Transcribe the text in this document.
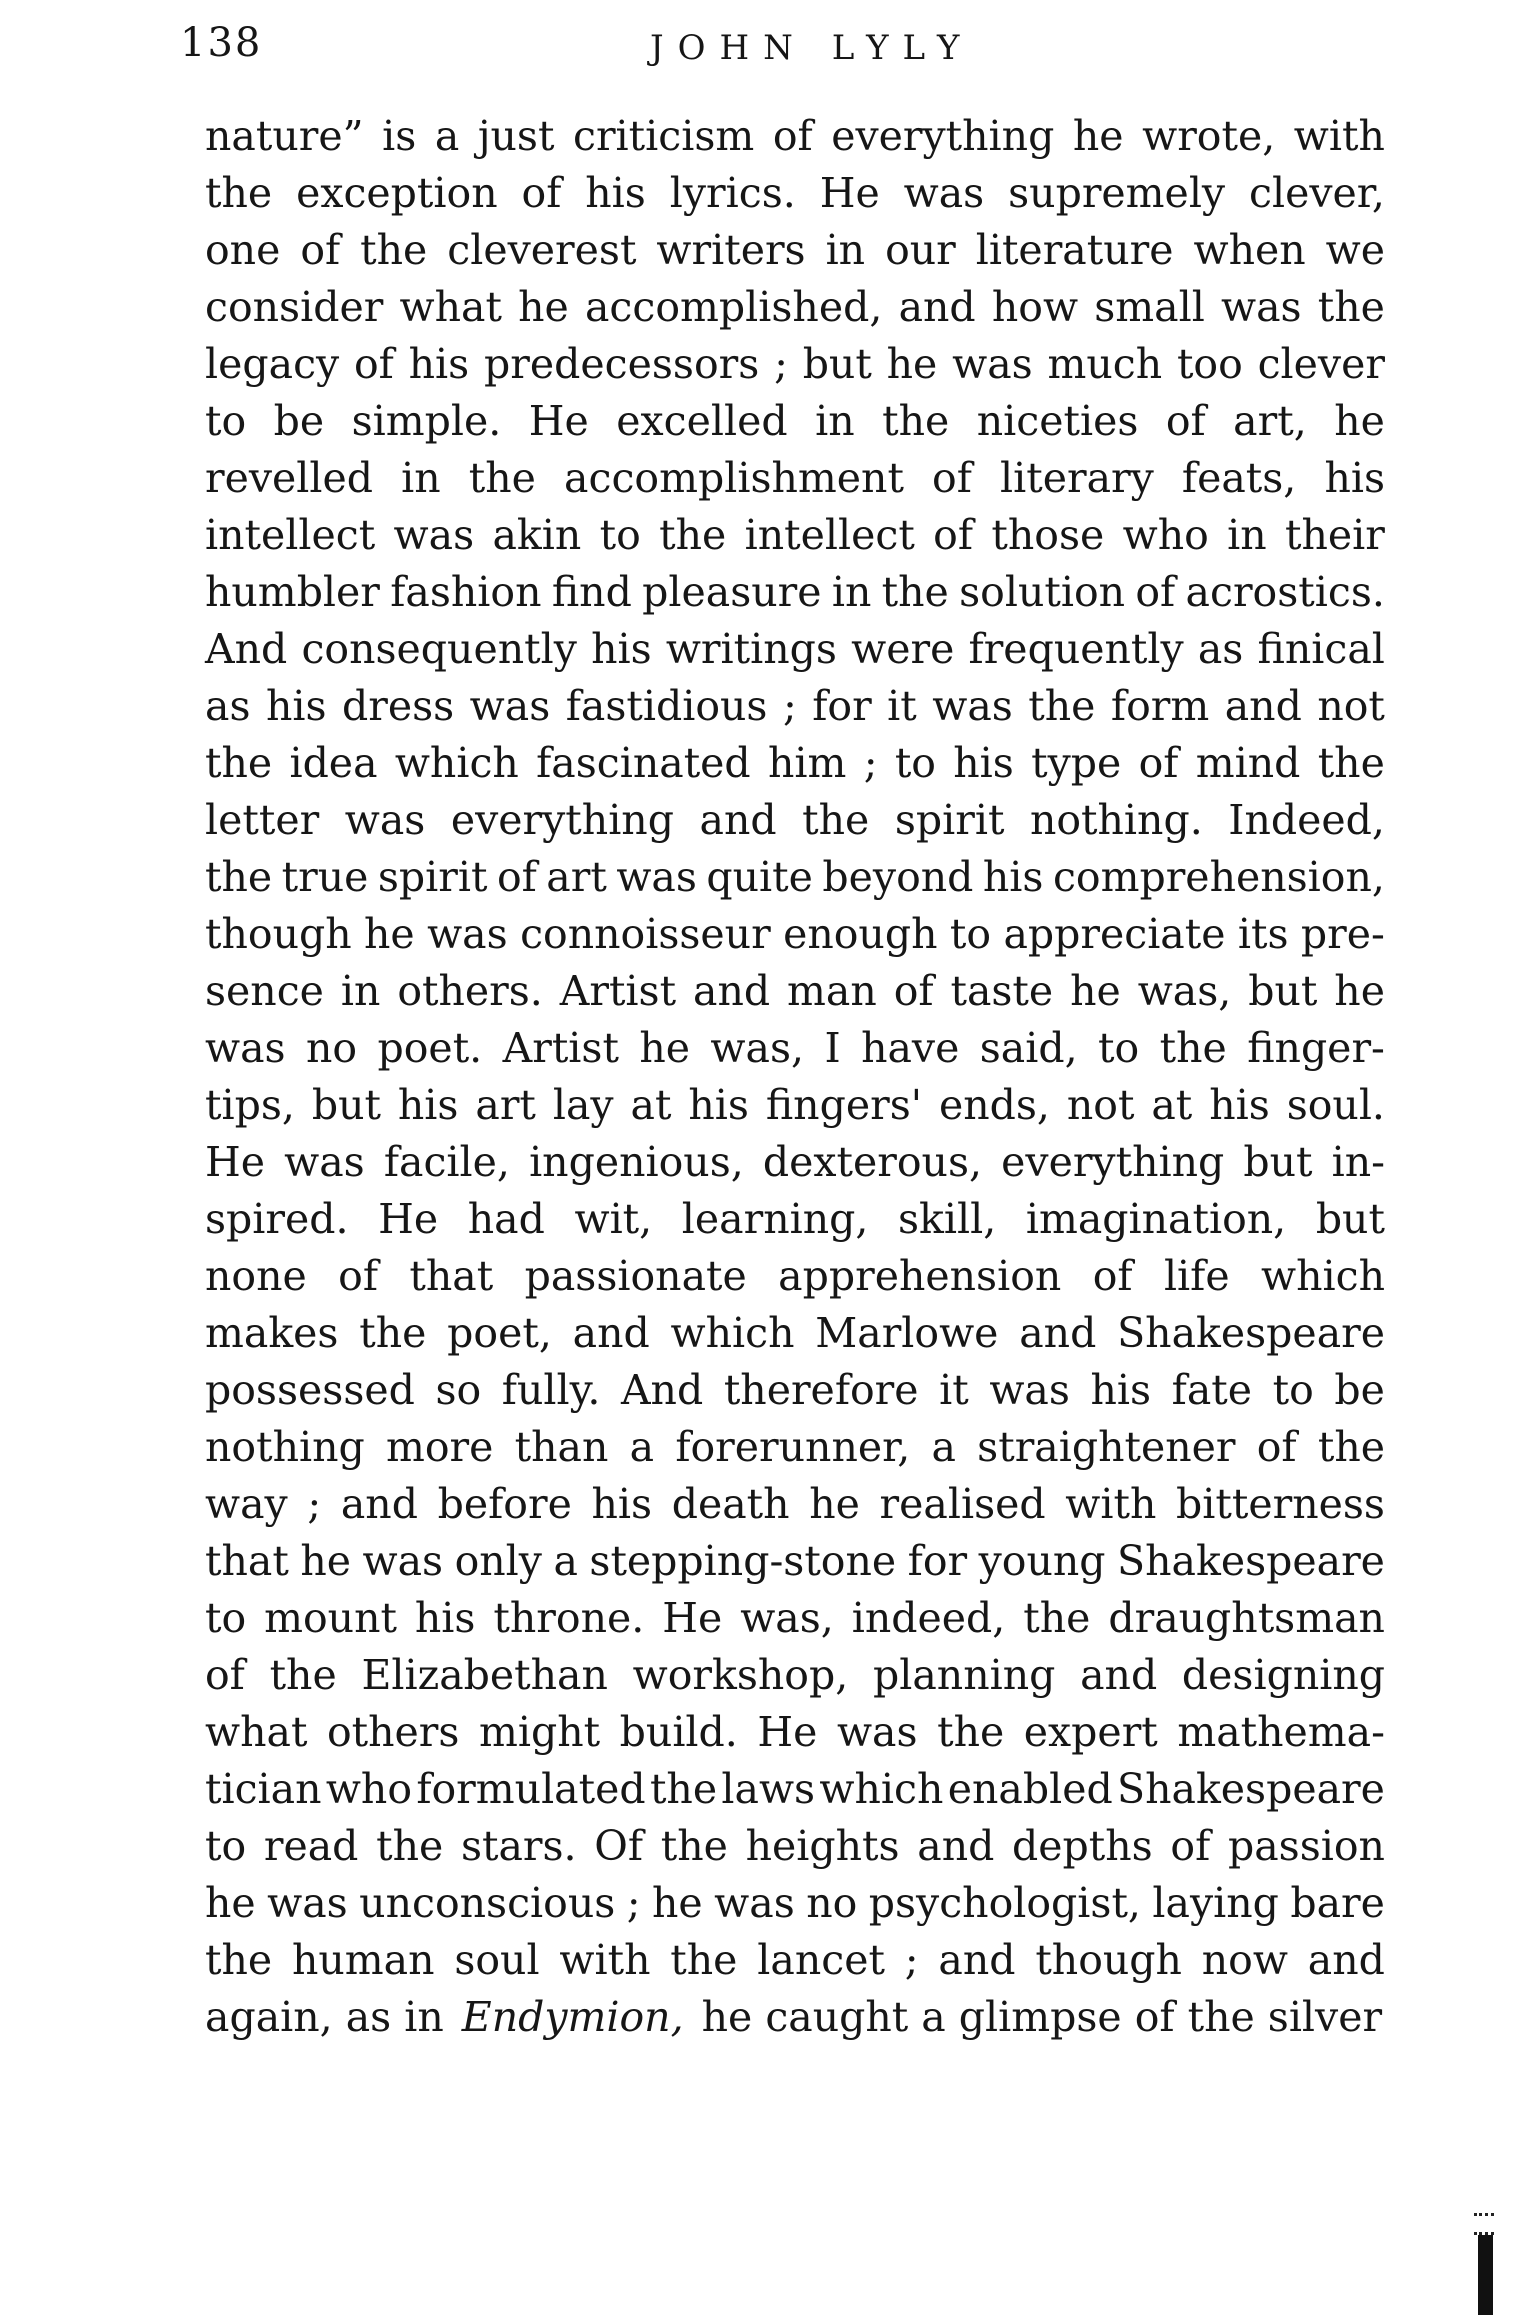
138	JOHN LYLY
nature” is a just criticism of everything he wrote, with
the exception of his lyrics. He was supremely clever,
one of the cleverest writers in our literature when we
consider what he accomplished, and how small was the
legacy of his predecessors ; but he was much too clever
to be simple. He excelled in the niceties of art, he
revelled in the accomplishment of literary feats, his
intellect was akin to the intellect of those who in their
humbler fashion find pleasure in the solution of acrostics.
And consequently his writings were frequently as finical
as his dress was fastidious ; for it was the form and not
the idea which fascinated him ; to his type of mind the
letter was everything and the spirit nothing. Indeed,
the true spirit of art was quite beyond his comprehension,
though he was connoisseur enough to appreciate its pre-
sence in others. Artist and man of taste he was, but he
was no poet. Artist he was, I have said, to the finger-
tips, but his art lay at his fingers' ends, not at his soul.
He was facile, ingenious, dexterous, everything but in-
spired. He had wit, learning, skill, imagination, but
none of that passionate apprehension of life which
makes the poet, and which Marlowe and Shakespeare
possessed so fully. And therefore it was his fate to be
nothing more than a forerunner, a straightener of the
way ; and before his death he realised with bitterness
that he was only a stepping-stone for young Shakespeare
to mount his throne. He was, indeed, the draughtsman
of the Elizabethan workshop, planning and designing
what others might build. He was the expert mathema-
tician who formulated the laws which enabled Shakespeare
to read the stars. Of the heights and depths of passion
he was unconscious ; he was no psychologist, laying bare
the human soul with the lancet ; and though now and
again, as in Endymion, he caught a glimpse of the silver
